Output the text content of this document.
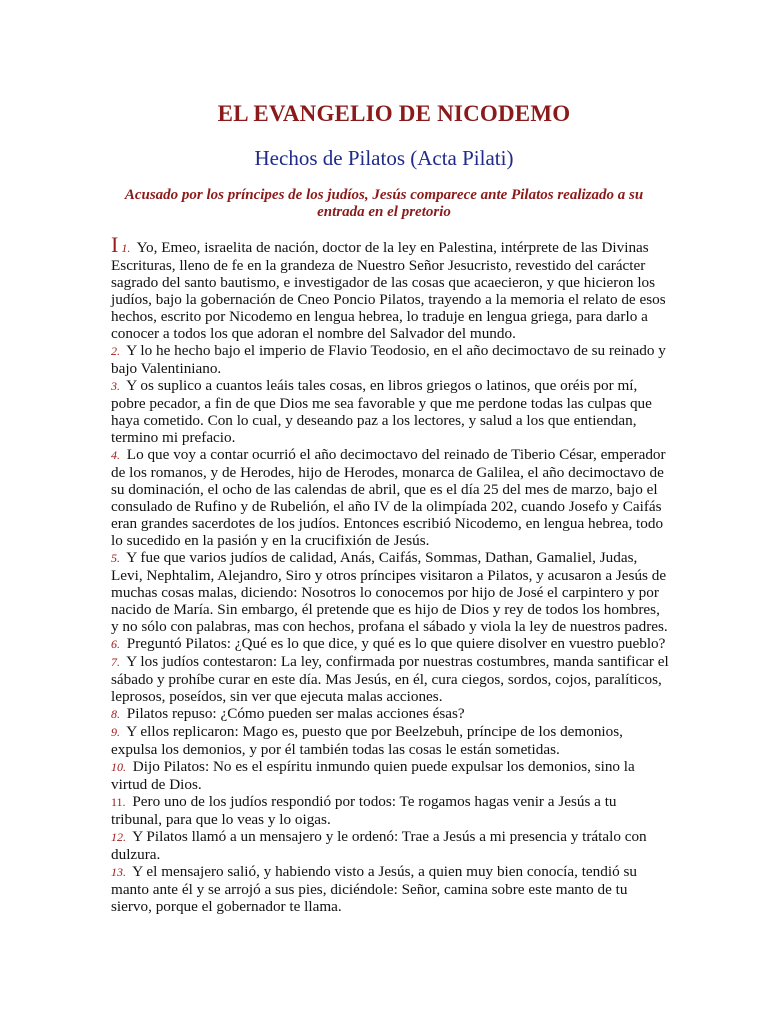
EL EVANGELIO DE NICODEMO
Hechos de Pilatos (Acta Pilati)
Acusado por los príncipes de los judíos, Jesús comparece ante Pilatos realizado a su
entrada en el pretorio

I 1. Yo, Emeo, israelita de nación, doctor de la ley en Palestina, intérprete de las Divinas Escrituras, lleno de fe en la grandeza de Nuestro Señor Jesucristo, revestido del carácter sagrado del santo bautismo, e investigador de las cosas que acaecieron, y que hicieron los judíos, bajo la gobernación de Cneo Poncio Pilatos, trayendo a la memoria el relato de esos hechos, escrito por Nicodemo en lengua hebrea, lo traduje en lengua griega, para darlo a conocer a todos los que adoran el nombre del Salvador del mundo.

2. Y lo he hecho bajo el imperio de Flavio Teodosio, en el año decimoctavo de su reinado y bajo Valentiniano.

3. Y os suplico a cuantos leáis tales cosas, en libros griegos o latinos, que oréis por mí, pobre pecador, a fin de que Dios me sea favorable y que me perdone todas las culpas que haya cometido. Con lo cual, y deseando paz a los lectores, y salud a los que entiendan, termino mi prefacio.

4. Lo que voy a contar ocurrió el año decimoctavo del reinado de Tiberio César, emperador de los romanos, y de Herodes, hijo de Herodes, monarca de Galilea, el año decimoctavo de su dominación, el ocho de las calendas de abril, que es el día 25 del mes de marzo, bajo el consulado de Rufino y de Rubelión, el año IV de la olimpíada 202, cuando Josefo y Caifás eran grandes sacerdotes de los judíos. Entonces escribió Nicodemo, en lengua hebrea, todo lo sucedido en la pasión y en la crucifixión de Jesús.

5. Y fue que varios judíos de calidad, Anás, Caifás, Sommas, Dathan, Gamaliel, Judas, Levi, Nephtalim, Alejandro, Siro y otros príncipes visitaron a Pilatos, y acusaron a Jesús de muchas cosas malas, diciendo: Nosotros lo conocemos por hijo de José el carpintero y por nacido de María. Sin embargo, él pretende que es hijo de Dios y rey de todos los hombres, y no sólo con palabras, mas con hechos, profana el sábado y viola la ley de nuestros padres.

6. Preguntó Pilatos: ¿Qué es lo que dice, y qué es lo que quiere disolver en vuestro pueblo?

7. Y los judíos contestaron: La ley, confirmada por nuestras costumbres, manda santificar el sábado y prohíbe curar en este día. Mas Jesús, en él, cura ciegos, sordos, cojos, paralíticos, leprosos, poseídos, sin ver que ejecuta malas acciones.

8. Pilatos repuso: ¿Cómo pueden ser malas acciones ésas?

9. Y ellos replicaron: Mago es, puesto que por Beelzebuh, príncipe de los demonios, expulsa los demonios, y por él también todas las cosas le están sometidas.

10. Dijo Pilatos: No es el espíritu inmundo quien puede expulsar los demonios, sino la virtud de Dios.

11. Pero uno de los judíos respondió por todos: Te rogamos hagas venir a Jesús a tu tribunal, para que lo veas y lo oigas.

12. Y Pilatos llamó a un mensajero y le ordenó: Trae a Jesús a mi presencia y trátalo con dulzura.

13. Y el mensajero salió, y habiendo visto a Jesús, a quien muy bien conocía, tendió su manto ante él y se arrojó a sus pies, diciéndole: Señor, camina sobre este manto de tu siervo, porque el gobernador te llama.
